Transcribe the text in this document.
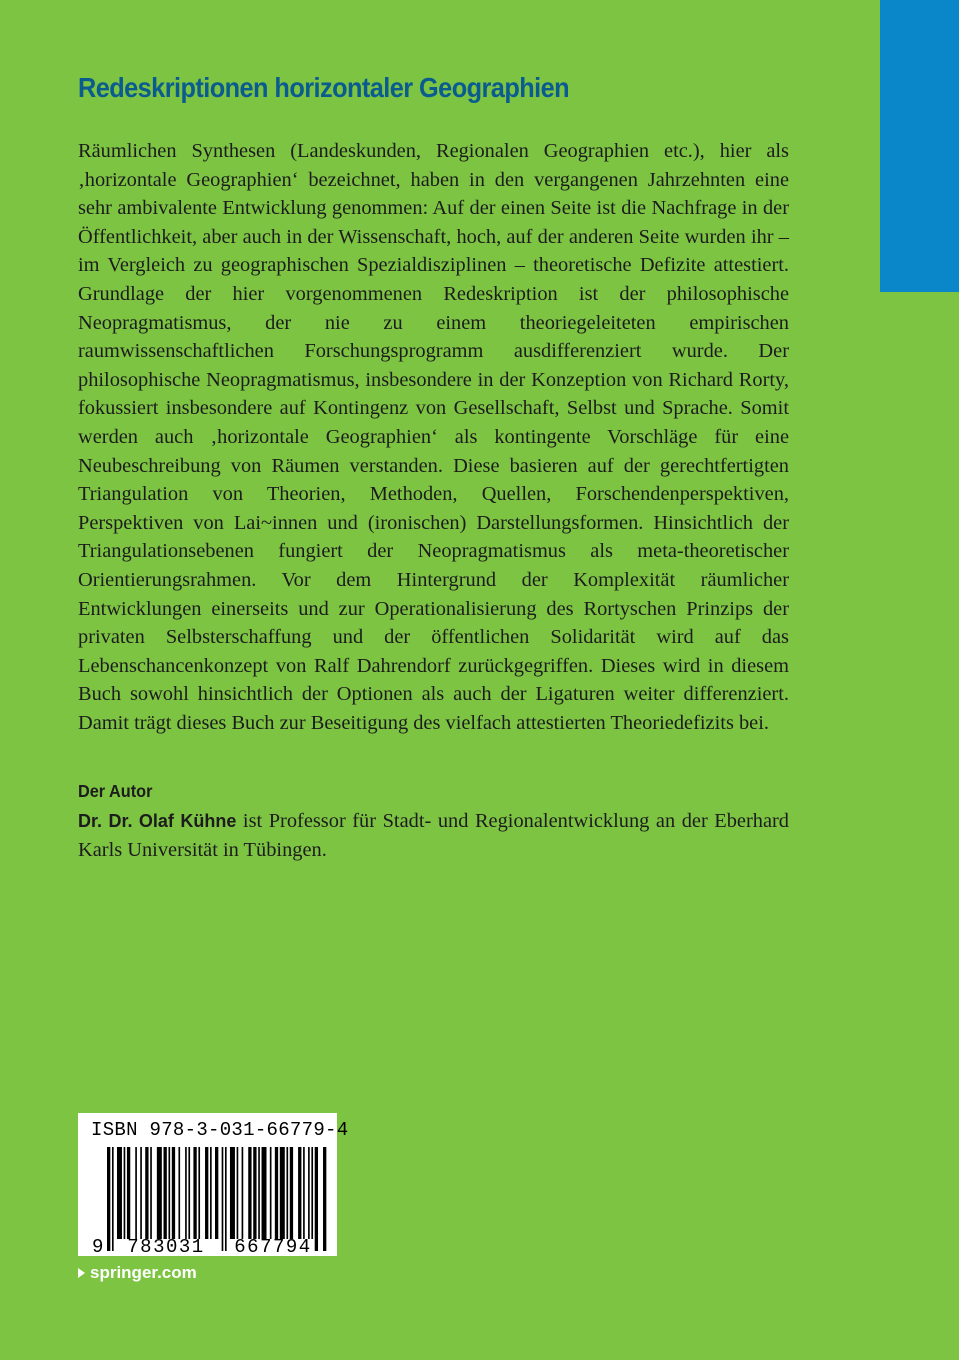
Redeskriptionen horizontaler Geographien

Räumlichen Synthesen (Landeskunden, Regionalen Geographien etc.), hier als ‚horizontale Geographien‘ bezeichnet, haben in den vergangenen Jahrzehnten eine sehr ambivalente Entwicklung genommen: Auf der einen Seite ist die Nachfrage in der Öffentlichkeit, aber auch in der Wissenschaft, hoch, auf der anderen Seite wurden ihr – im Vergleich zu geographischen Spezialdisziplinen – theoretische Defizite attestiert. Grundlage der hier vorgenommenen Redeskription ist der philosophische Neopragmatismus, der nie zu einem theoriegeleiteten empirischen raumwissenschaftlichen Forschungsprogramm ausdifferenziert wurde. Der philosophische Neopragmatismus, insbesondere in der Konzeption von Richard Rorty, fokussiert insbesondere auf Kontingenz von Gesellschaft, Selbst und Sprache. Somit werden auch ‚horizontale Geographien‘ als kontingente Vorschläge für eine Neubeschreibung von Räumen verstanden. Diese basieren auf der gerechtfertigten Triangulation von Theorien, Methoden, Quellen, Forschendenperspektiven, Perspektiven von Lai~innen und (ironischen) Darstellungsformen. Hinsichtlich der Triangulationsebenen fungiert der Neopragmatismus als meta-theoretischer Orientierungsrahmen. Vor dem Hintergrund der Komplexität räumlicher Entwicklungen einerseits und zur Operationalisierung des Rortyschen Prinzips der privaten Selbsterschaffung und der öffentlichen Solidarität wird auf das Lebenschancenkonzept von Ralf Dahrendorf zurückgegriffen. Dieses wird in diesem Buch sowohl hinsichtlich der Optionen als auch der Ligaturen weiter differenziert. Damit trägt dieses Buch zur Beseitigung des vielfach attestierten Theoriedefizits bei.

Der Autor

Dr. Dr. Olaf Kühne ist Professor für Stadt- und Regionalentwicklung an der Eberhard Karls Universität in Tübingen.

ISBN 978-3-031-66779-4
9 783031 667794
springer.com
